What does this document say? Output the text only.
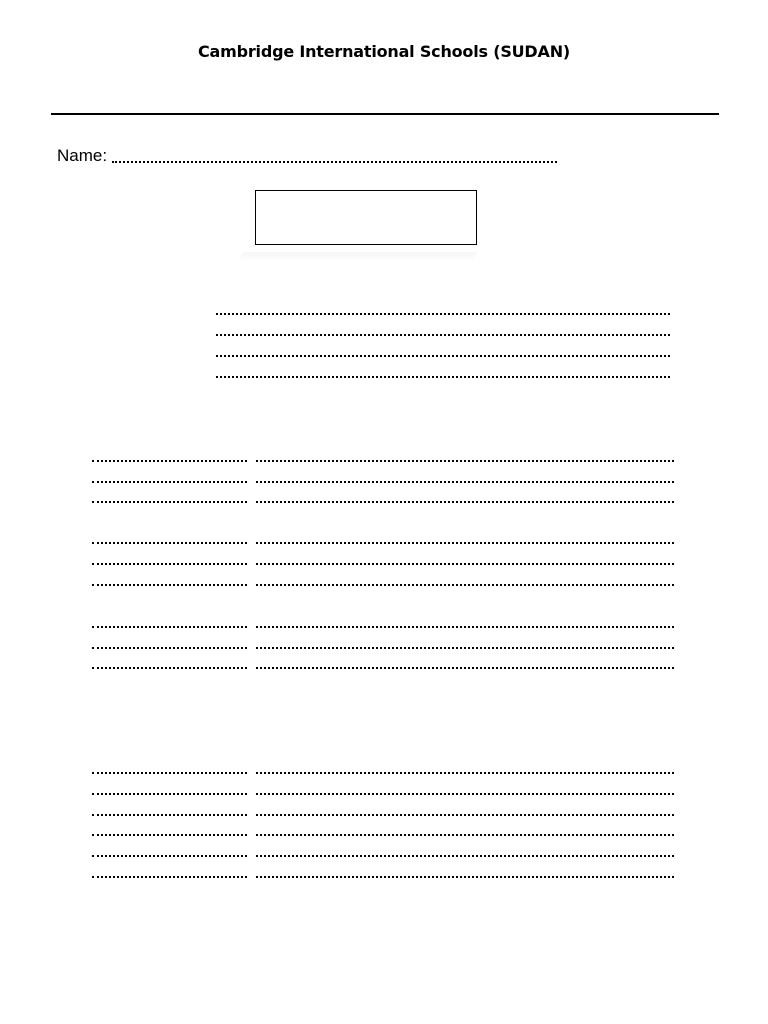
Cambridge International Schools (SUDAN)
Name:
